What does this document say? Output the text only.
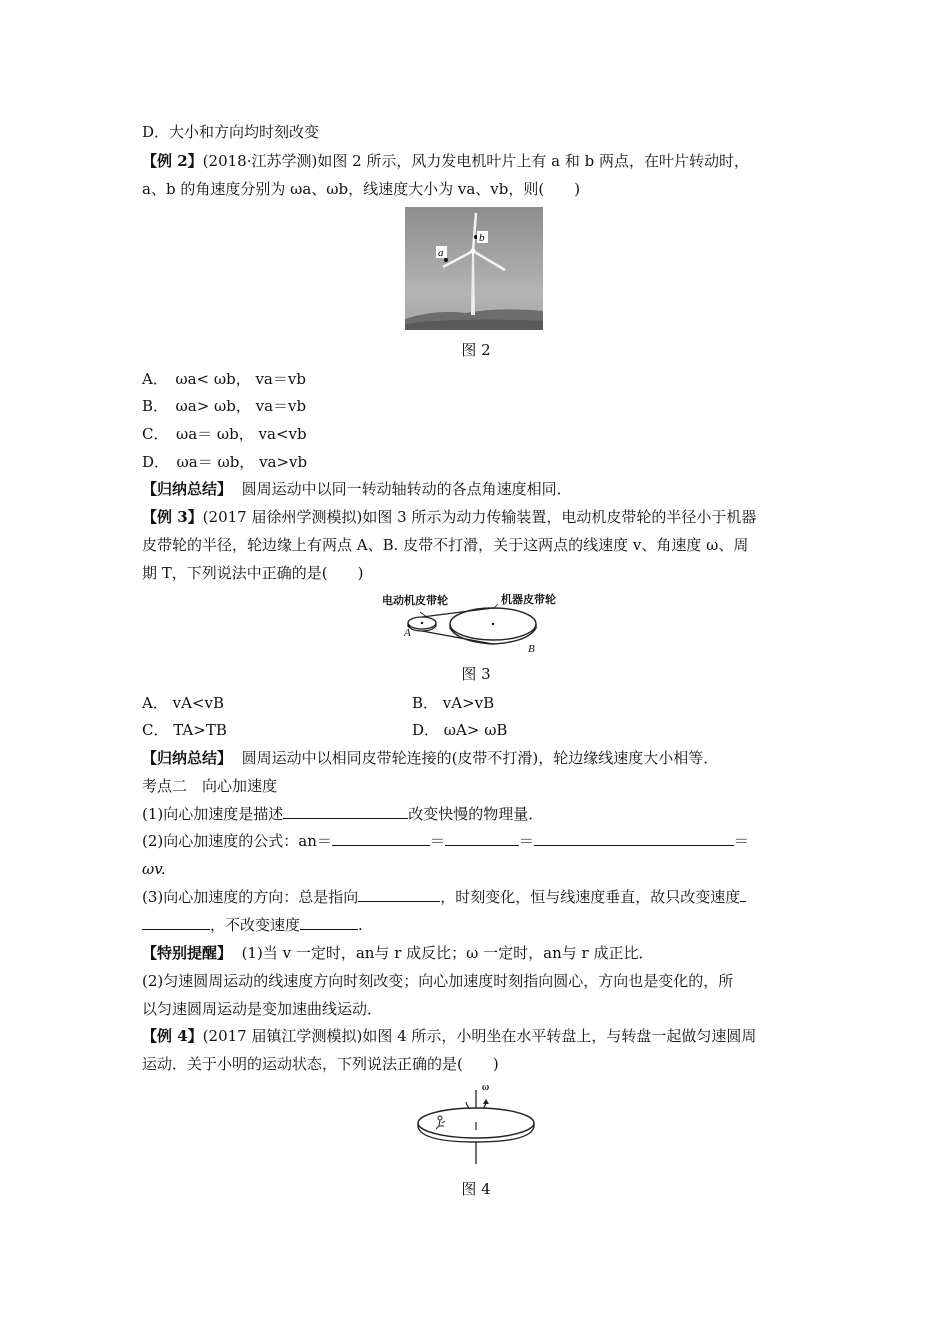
D．大小和方向均时刻改变
【例 2】(2018·江苏学测)如图 2 所示，风力发电机叶片上有 a 和 b 两点，在叶片转动时，
a、b 的角速度分别为 ωa、ωb，线速度大小为 va、vb，则(　　)
b
a
图 2
A．　ωa< ωb， va＝vb
B．　ωa> ωb， va＝vb
C．　ωa＝ ωb， va<vb
D．　ωa＝ ωb， va>vb
【归纳总结】 圆周运动中以同一转动轴转动的各点角速度相同．
【例 3】(2017 届徐州学测模拟)如图 3 所示为动力传输装置，电动机皮带轮的半径小于机器
皮带轮的半径，轮边缘上有两点 A、B. 皮带不打滑，关于这两点的线速度 v、角速度 ω、周
期 T，下列说法中正确的是(　　)
电动机皮带轮	机器皮带轮
A
B
图 3
A． vA<vB	B． vA>vB
C． TA>TB	D． ωA> ωB
【归纳总结】 圆周运动中以相同皮带轮连接的(皮带不打滑)，轮边缘线速度大小相等．
考点二　向心加速度
(1)向心加速度是描述	改变快慢的物理量．
(2)向心加速度的公式：an＝	＝	＝	＝
ωv.
(3)向心加速度的方向：总是指向	，时刻变化，恒与线速度垂直，故只改变速度
，不改变速度	.
【特别提醒】 (1)当 v 一定时，an与 r 成反比；ω 一定时，an与 r 成正比．
(2)匀速圆周运动的线速度方向时刻改变；向心加速度时刻指向圆心，方向也是变化的，所
以匀速圆周运动是变加速曲线运动．
【例 4】(2017 届镇江学测模拟)如图 4 所示，小明坐在水平转盘上，与转盘一起做匀速圆周
运动．关于小明的运动状态，下列说法正确的是(　　)
ω
图 4
